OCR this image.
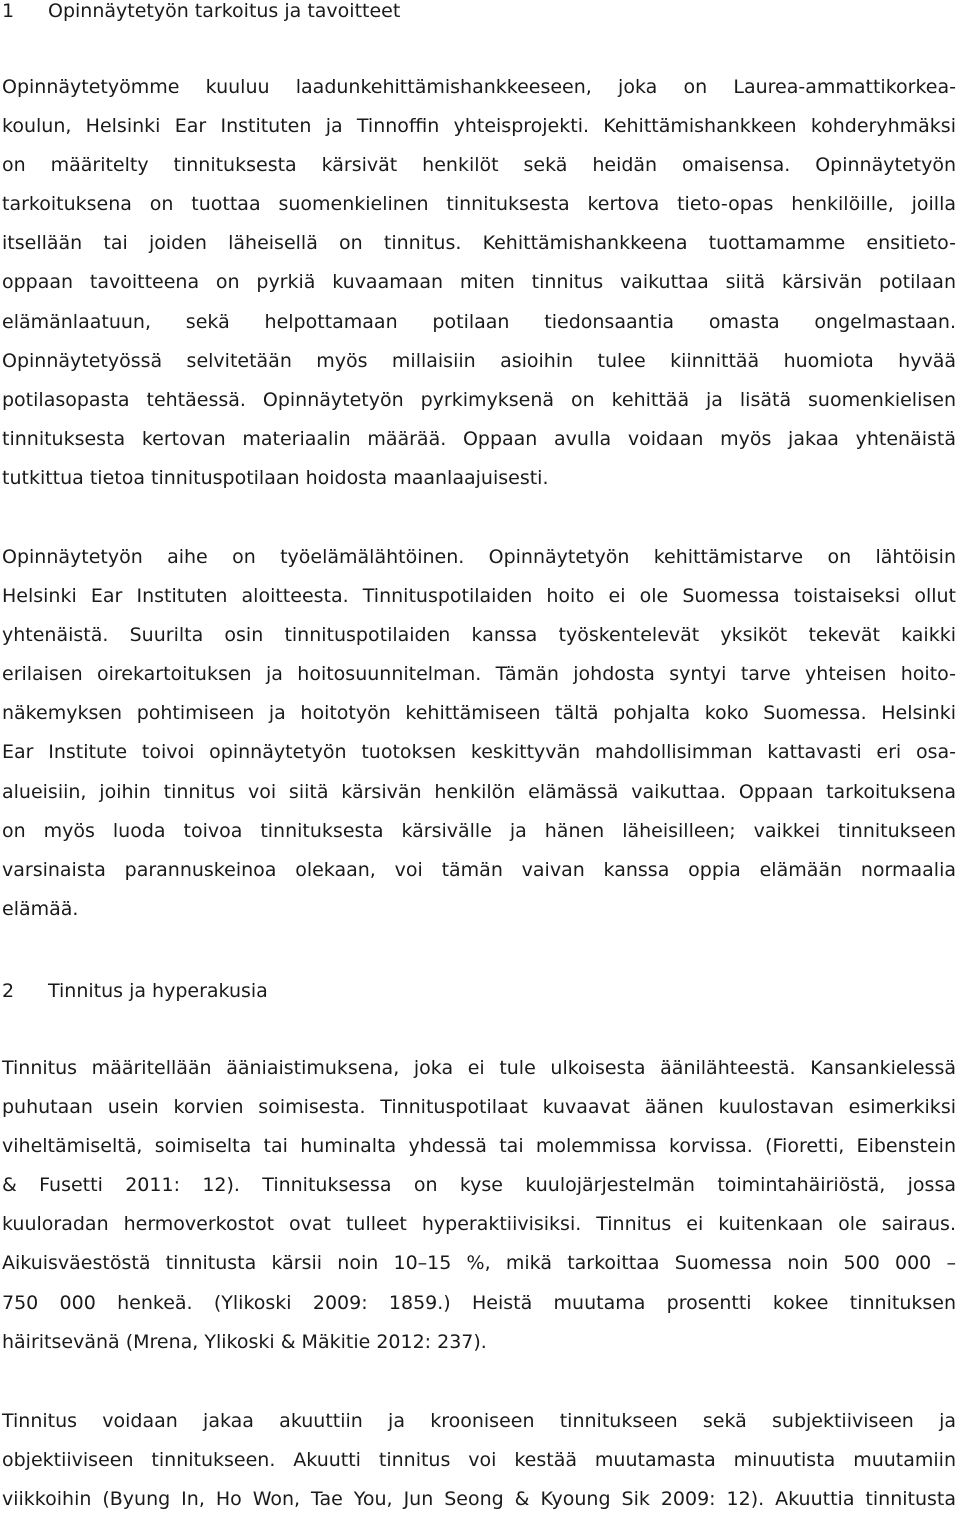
1 Opinnäytetyön tarkoitus ja tavoitteet
Opinnäytetyömme kuuluu laadunkehittämishankkeeseen, joka on Laurea-ammattikorkea-
koulun, Helsinki Ear Instituten ja Tinnoffin yhteisprojekti. Kehittämishankkeen kohderyhmäksi
on määritelty tinnituksesta kärsivät henkilöt sekä heidän omaisensa. Opinnäytetyön
tarkoituksena on tuottaa suomenkielinen tinnituksesta kertova tieto-opas henkilöille, joilla
itsellään tai joiden läheisellä on tinnitus. Kehittämishankkeena tuottamamme ensitieto-
oppaan tavoitteena on pyrkiä kuvaamaan miten tinnitus vaikuttaa siitä kärsivän potilaan
elämänlaatuun, sekä helpottamaan potilaan tiedonsaantia omasta ongelmastaan.
Opinnäytetyössä selvitetään myös millaisiin asioihin tulee kiinnittää huomiota hyvää
potilasopasta tehtäessä. Opinnäytetyön pyrkimyksenä on kehittää ja lisätä suomenkielisen
tinnituksesta kertovan materiaalin määrää. Oppaan avulla voidaan myös jakaa yhtenäistä
tutkittua tietoa tinnituspotilaan hoidosta maanlaajuisesti.
Opinnäytetyön aihe on työelämälähtöinen. Opinnäytetyön kehittämistarve on lähtöisin
Helsinki Ear Instituten aloitteesta. Tinnituspotilaiden hoito ei ole Suomessa toistaiseksi ollut
yhtenäistä. Suurilta osin tinnituspotilaiden kanssa työskentelevät yksiköt tekevät kaikki
erilaisen oirekartoituksen ja hoitosuunnitelman. Tämän johdosta syntyi tarve yhteisen hoito-
näkemyksen pohtimiseen ja hoitotyön kehittämiseen tältä pohjalta koko Suomessa. Helsinki
Ear Institute toivoi opinnäytetyön tuotoksen keskittyvän mahdollisimman kattavasti eri osa-
alueisiin, joihin tinnitus voi siitä kärsivän henkilön elämässä vaikuttaa. Oppaan tarkoituksena
on myös luoda toivoa tinnituksesta kärsivälle ja hänen läheisilleen; vaikkei tinnitukseen
varsinaista parannuskeinoa olekaan, voi tämän vaivan kanssa oppia elämään normaalia
elämää.
2 Tinnitus ja hyperakusia
Tinnitus määritellään ääniaistimuksena, joka ei tule ulkoisesta äänilähteestä. Kansankielessä
puhutaan usein korvien soimisesta. Tinnituspotilaat kuvaavat äänen kuulostavan esimerkiksi
viheltämiseltä, soimiselta tai huminalta yhdessä tai molemmissa korvissa. (Fioretti, Eibenstein
& Fusetti 2011: 12). Tinnituksessa on kyse kuulojärjestelmän toimintahäiriöstä, jossa
kuuloradan hermoverkostot ovat tulleet hyperaktiivisiksi. Tinnitus ei kuitenkaan ole sairaus.
Aikuisväestöstä tinnitusta kärsii noin 10–15 %, mikä tarkoittaa Suomessa noin 500 000 –
750 000 henkeä. (Ylikoski 2009: 1859.) Heistä muutama prosentti kokee tinnituksen
häiritsevänä (Mrena, Ylikoski & Mäkitie 2012: 237).
Tinnitus voidaan jakaa akuuttiin ja krooniseen tinnitukseen sekä subjektiiviseen ja
objektiiviseen tinnitukseen. Akuutti tinnitus voi kestää muutamasta minuutista muutamiin
viikkoihin (Byung In, Ho Won, Tae You, Jun Seong & Kyoung Sik 2009: 12). Akuuttia tinnitusta
